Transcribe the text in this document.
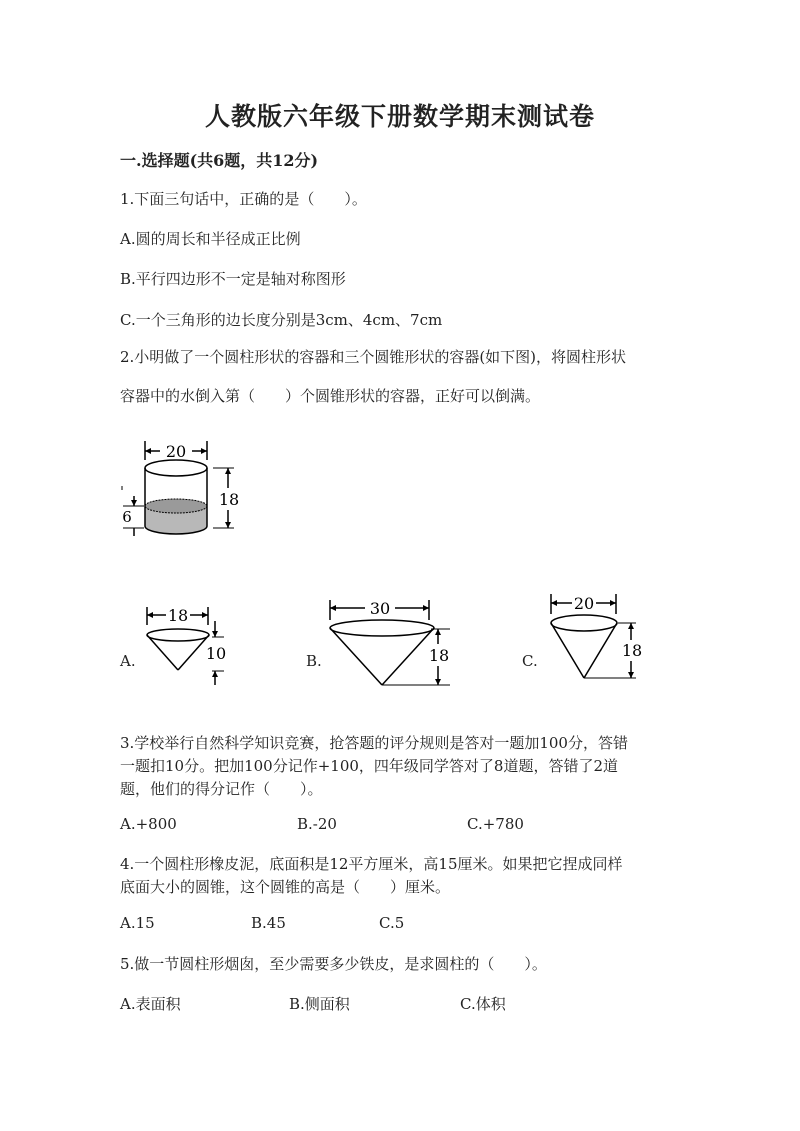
人教版六年级下册数学期末测试卷
一.选择题(共6题，共12分)
1.下面三句话中，正确的是（　　）。
A.圆的周长和半径成正比例
B.平行四边形不一定是轴对称图形
C.一个三角形的边长度分别是3cm、4cm、7cm
2.小明做了一个圆柱形状的容器和三个圆锥形状的容器(如下图)，将圆柱形状
容器中的水倒入第（　　）个圆锥形状的容器，正好可以倒满。
20
18
6
A.
18
10	B.
30
18	C.
20
18
3.学校举行自然科学知识竞赛，抢答题的评分规则是答对一题加100分，答错
一题扣10分。把加100分记作+100，四年级同学答对了8道题，答错了2道
题，他们的得分记作（　　）。
A.+800	B.-20	C.+780
4.一个圆柱形橡皮泥，底面积是12平方厘米，高15厘米。如果把它捏成同样
底面大小的圆锥，这个圆锥的高是（　　）厘米。
A.15	B.45	C.5
5.做一节圆柱形烟囱，至少需要多少铁皮，是求圆柱的（　　）。
A.表面积	B.侧面积	C.体积
